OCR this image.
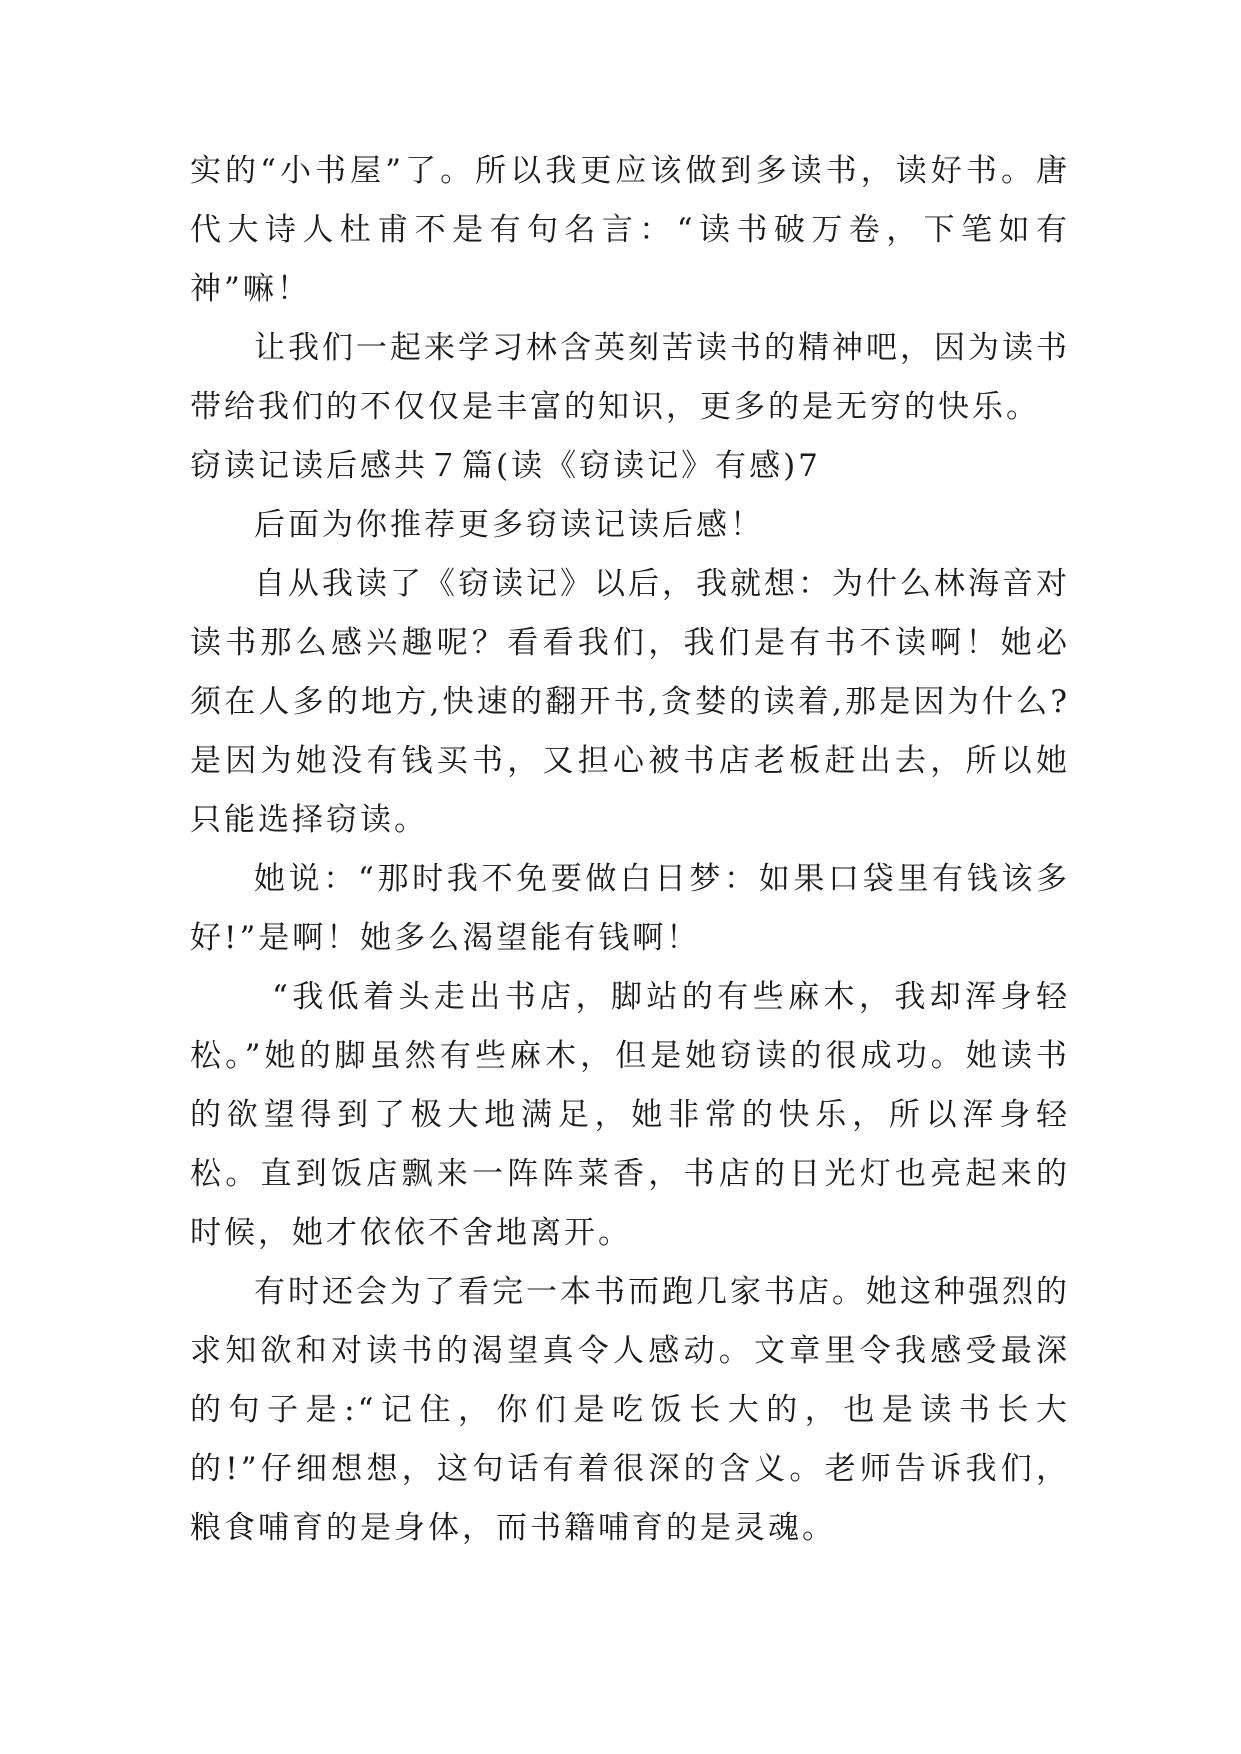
实的“小书屋”了。所以我更应该做到多读书，读好书。唐代大诗人杜甫不是有句名言：“读书破万卷，下笔如有神”嘛！

让我们一起来学习林含英刻苦读书的精神吧，因为读书带给我们的不仅仅是丰富的知识，更多的是无穷的快乐。

窃读记读后感共７篇(读《窃读记》有感)7

后面为你推荐更多窃读记读后感！

自从我读了《窃读记》以后，我就想：为什么林海音对读书那么感兴趣呢？看看我们，我们是有书不读啊！她必须在人多的地方,快速的翻开书,贪婪的读着,那是因为什么?是因为她没有钱买书，又担心被书店老板赶出去，所以她只能选择窃读。

她说：“那时我不免要做白日梦：如果口袋里有钱该多好!”是啊！她多么渴望能有钱啊！

“我低着头走出书店，脚站的有些麻木，我却浑身轻松。”她的脚虽然有些麻木，但是她窃读的很成功。她读书的欲望得到了极大地满足，她非常的快乐，所以浑身轻松。直到饭店飘来一阵阵菜香，书店的日光灯也亮起来的时候，她才依依不舍地离开。

有时还会为了看完一本书而跑几家书店。她这种强烈的求知欲和对读书的渴望真令人感动。文章里令我感受最深的句子是:“记住，你们是吃饭长大的，也是读书长大的!”仔细想想，这句话有着很深的含义。老师告诉我们，粮食哺育的是身体，而书籍哺育的是灵魂。
